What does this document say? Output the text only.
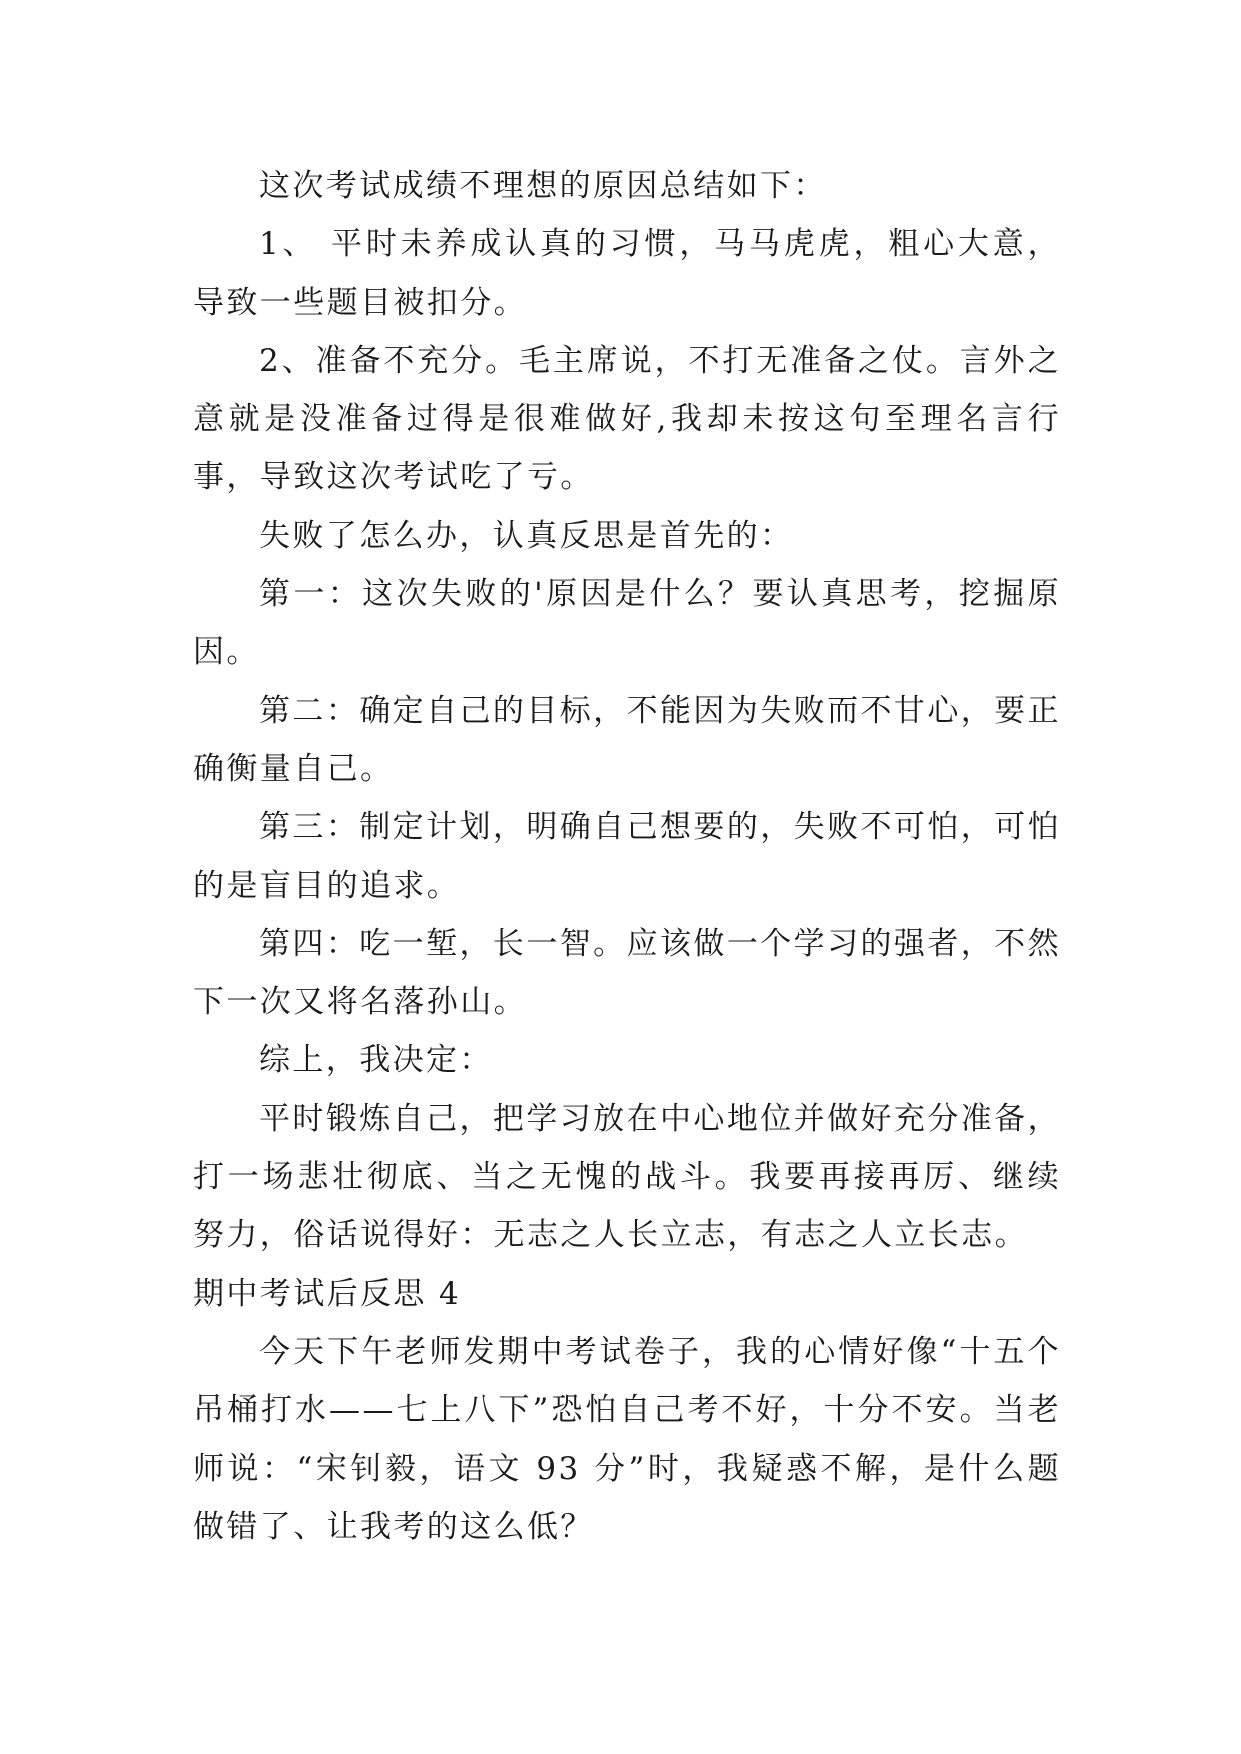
这次考试成绩不理想的原因总结如下：

1、 平时未养成认真的习惯，马马虎虎，粗心大意，导致一些题目被扣分。

2、准备不充分。毛主席说，不打无准备之仗。言外之意就是没准备过得是很难做好,我却未按这句至理名言行事，导致这次考试吃了亏。

失败了怎么办，认真反思是首先的：

第一：这次失败的'原因是什么？要认真思考，挖掘原因。

第二：确定自己的目标，不能因为失败而不甘心，要正确衡量自己。

第三：制定计划，明确自己想要的，失败不可怕，可怕的是盲目的追求。

第四：吃一堑，长一智。应该做一个学习的强者，不然下一次又将名落孙山。

综上，我决定：

平时锻炼自己，把学习放在中心地位并做好充分准备，打一场悲壮彻底、当之无愧的战斗。我要再接再厉、继续努力，俗话说得好：无志之人长立志，有志之人立长志。

期中考试后反思 4

今天下午老师发期中考试卷子，我的心情好像“十五个吊桶打水——七上八下”恐怕自己考不好，十分不安。当老师说：“宋钊毅，语文 93 分”时，我疑惑不解，是什么题做错了、让我考的这么低？
